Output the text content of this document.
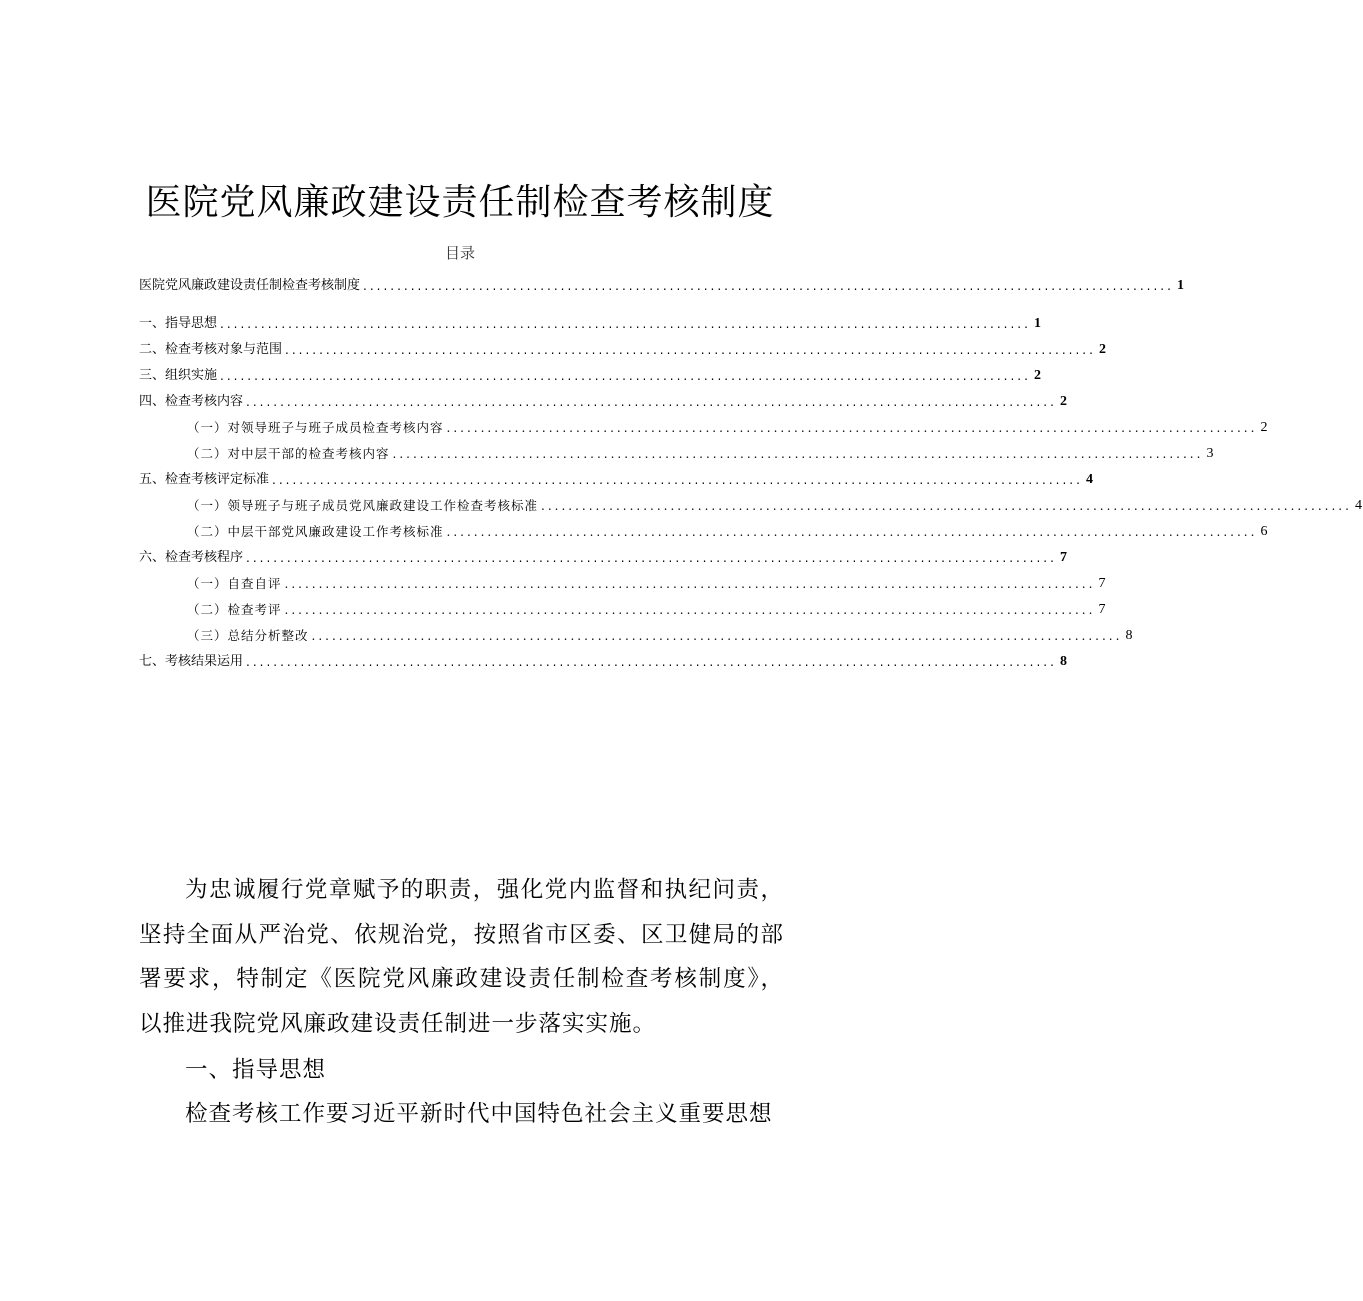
医院党风廉政建设责任制检查考核制度
目录
医院党风廉政建设责任制检查考核制度 ....................................................................................................................... 1
一、指导思想 ....................................................................................................................... 1
二、检查考核对象与范围 ....................................................................................................................... 2
三、组织实施 ....................................................................................................................... 2
四、检查考核内容 ....................................................................................................................... 2
（一）对领导班子与班子成员检查考核内容 ....................................................................................................................... 2
（二）对中层干部的检查考核内容 ....................................................................................................................... 3
五、检查考核评定标准 ....................................................................................................................... 4
（一）领导班子与班子成员党风廉政建设工作检查考核标准 ....................................................................................................................... 4
（二）中层干部党风廉政建设工作考核标准 ....................................................................................................................... 6
六、检查考核程序 ....................................................................................................................... 7
（一）自查自评 ....................................................................................................................... 7
（二）检查考评 ....................................................................................................................... 7
（三）总结分析整改 ....................................................................................................................... 8
七、考核结果运用 ....................................................................................................................... 8

为忠诚履行党章赋予的职责，强化党内监督和执纪问责，坚持全面从严治党、依规治党，按照省市区委、区卫健局的部署要求，特制定《医院党风廉政建设责任制检查考核制度》，以推进我院党风廉政建设责任制进一步落实实施。

一、指导思想

检查考核工作要习近平新时代中国特色社会主义重要思想
